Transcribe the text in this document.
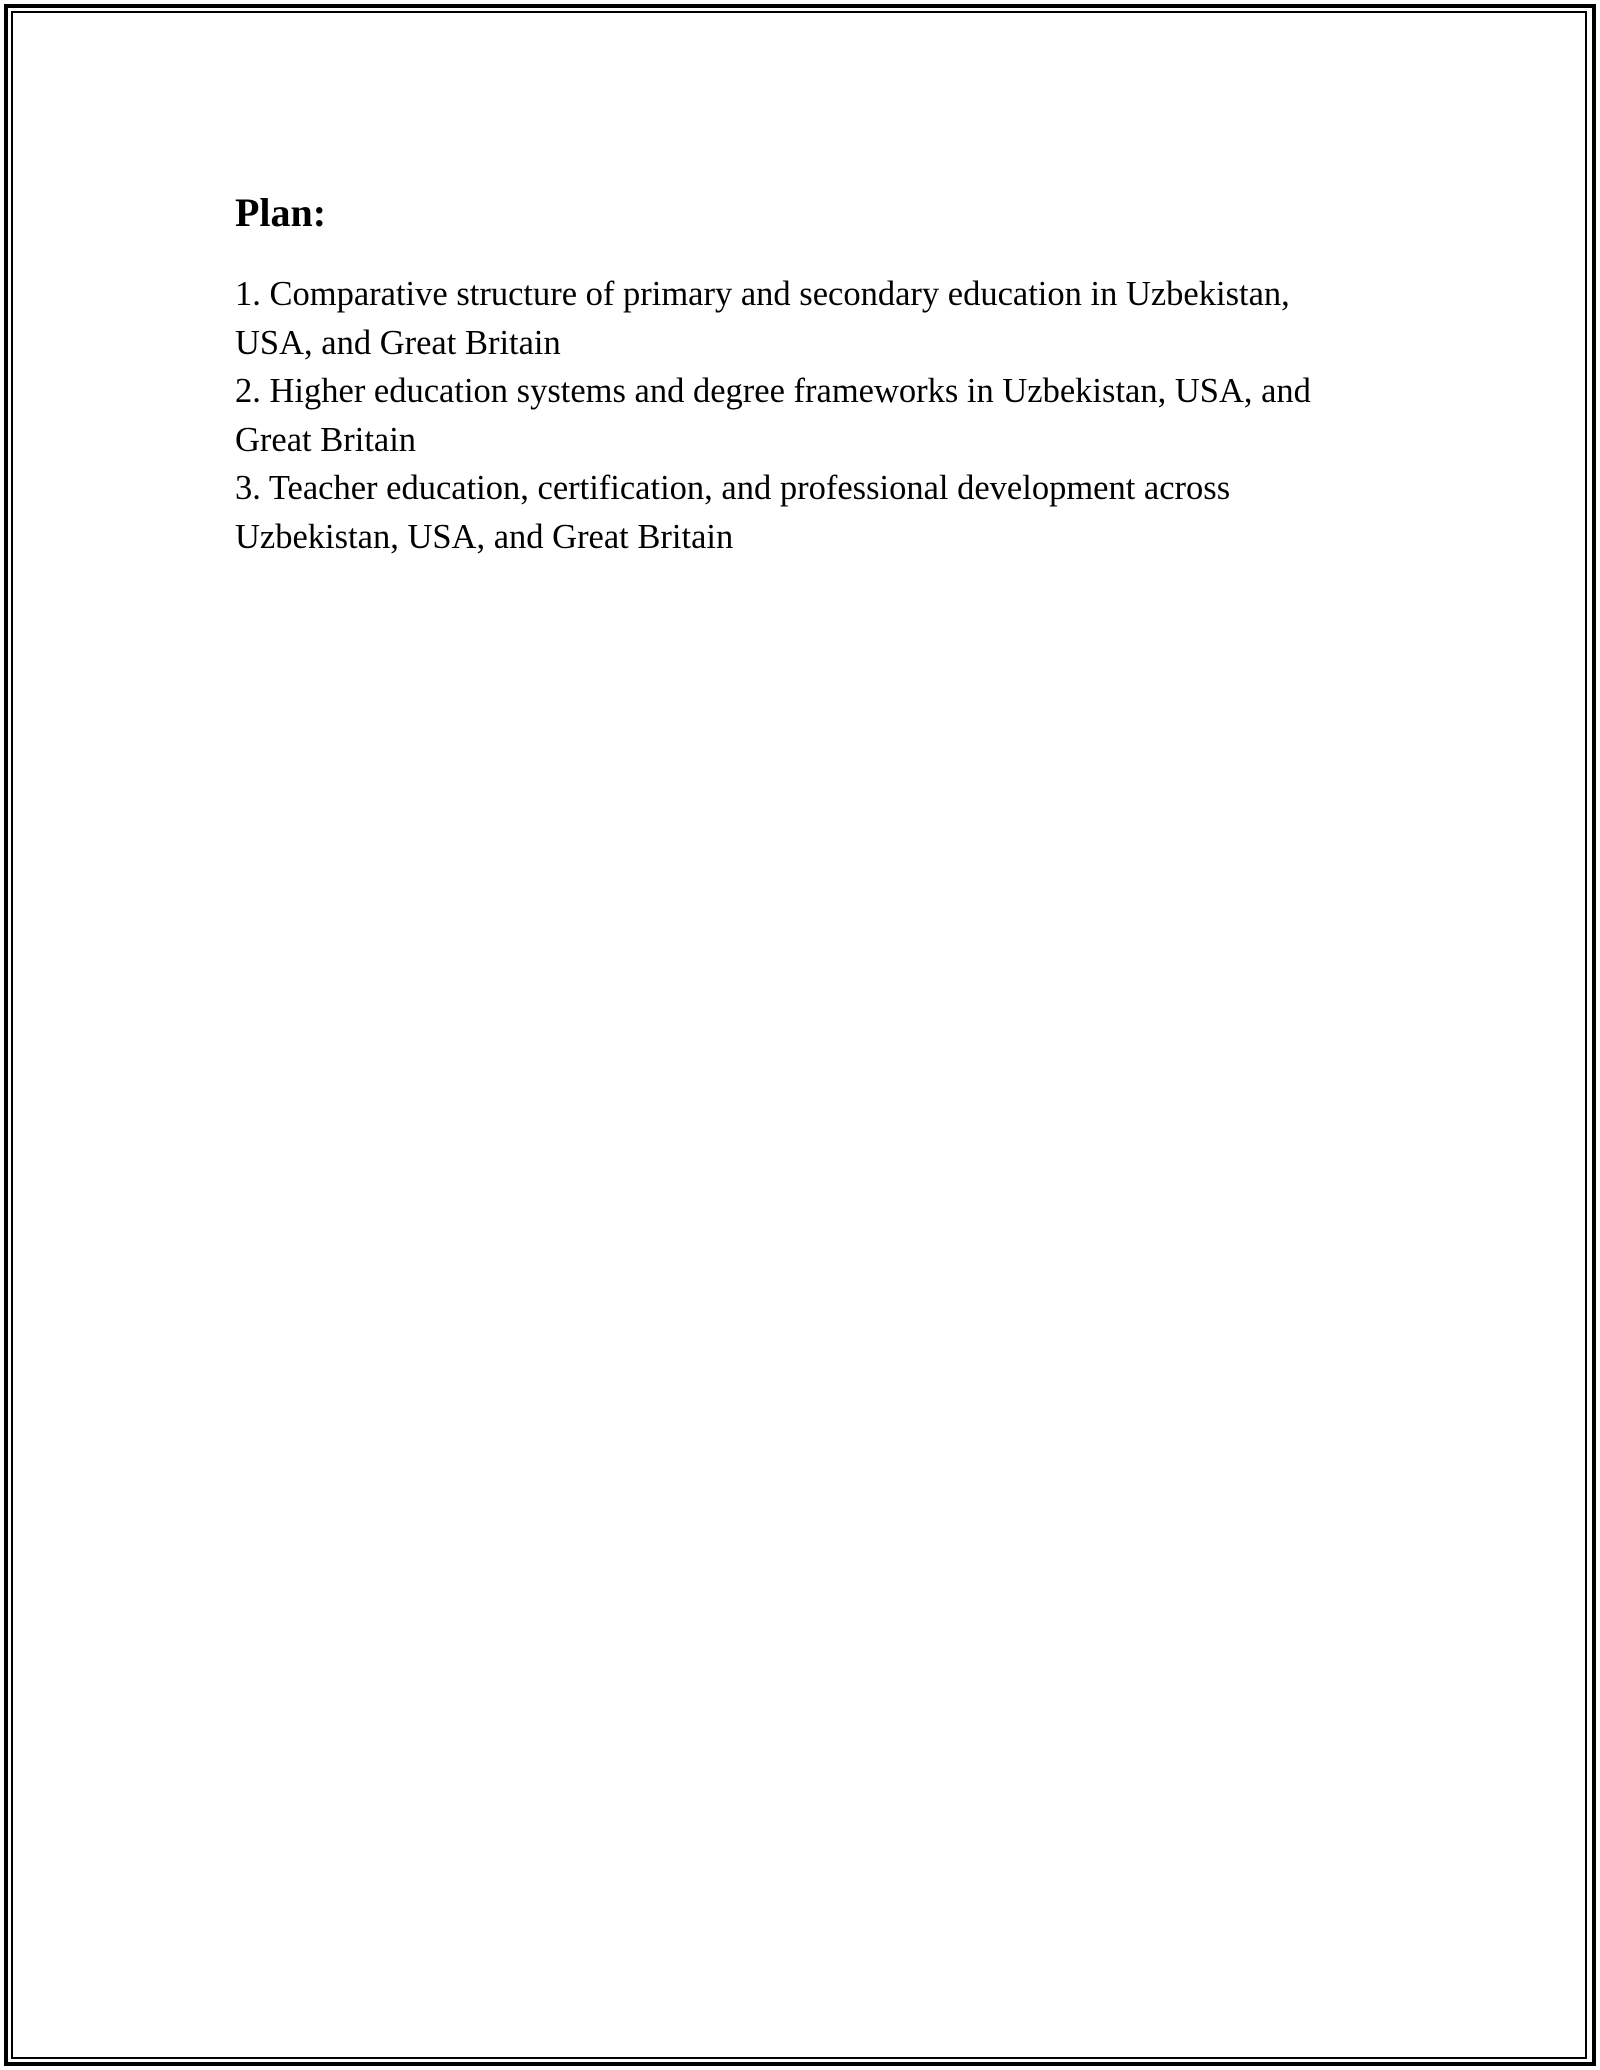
Plan:
1. Comparative structure of primary and secondary education in Uzbekistan, USA, and Great Britain
2. Higher education systems and degree frameworks in Uzbekistan, USA, and Great Britain
3. Teacher education, certification, and professional development across Uzbekistan, USA, and Great Britain
